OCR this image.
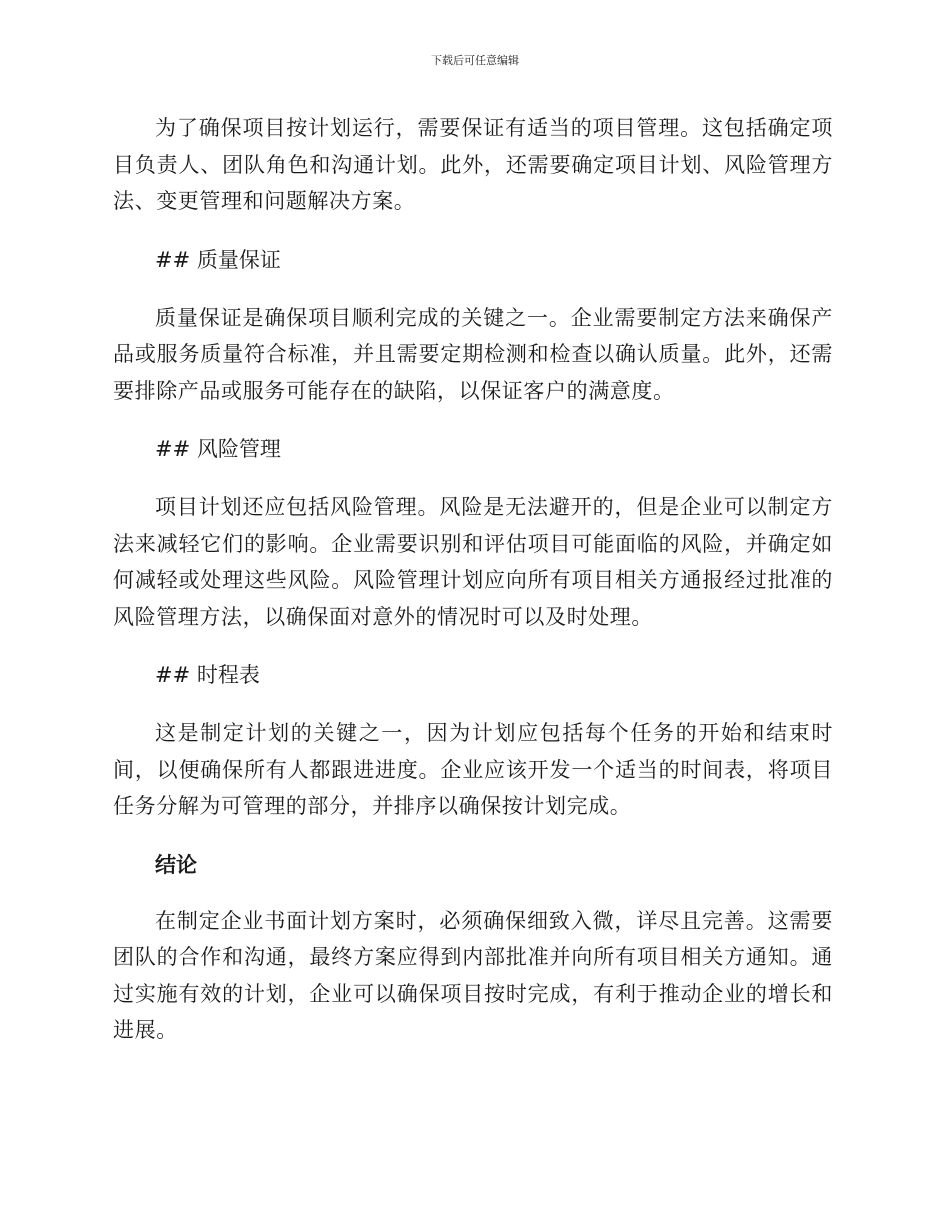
下载后可任意编辑

为了确保项目按计划运行，需要保证有适当的项目管理。这包括确定项目负责人、团队角色和沟通计划。此外，还需要确定项目计划、风险管理方法、变更管理和问题解决方案。

## 质量保证

质量保证是确保项目顺利完成的关键之一。企业需要制定方法来确保产品或服务质量符合标准，并且需要定期检测和检查以确认质量。此外，还需要排除产品或服务可能存在的缺陷，以保证客户的满意度。

## 风险管理

项目计划还应包括风险管理。风险是无法避开的，但是企业可以制定方法来减轻它们的影响。企业需要识别和评估项目可能面临的风险，并确定如何减轻或处理这些风险。风险管理计划应向所有项目相关方通报经过批准的风险管理方法，以确保面对意外的情况时可以及时处理。

## 时程表

这是制定计划的关键之一，因为计划应包括每个任务的开始和结束时间，以便确保所有人都跟进进度。企业应该开发一个适当的时间表，将项目任务分解为可管理的部分，并排序以确保按计划完成。

结论

在制定企业书面计划方案时，必须确保细致入微，详尽且完善。这需要团队的合作和沟通，最终方案应得到内部批准并向所有项目相关方通知。通过实施有效的计划，企业可以确保项目按时完成，有利于推动企业的增长和进展。
